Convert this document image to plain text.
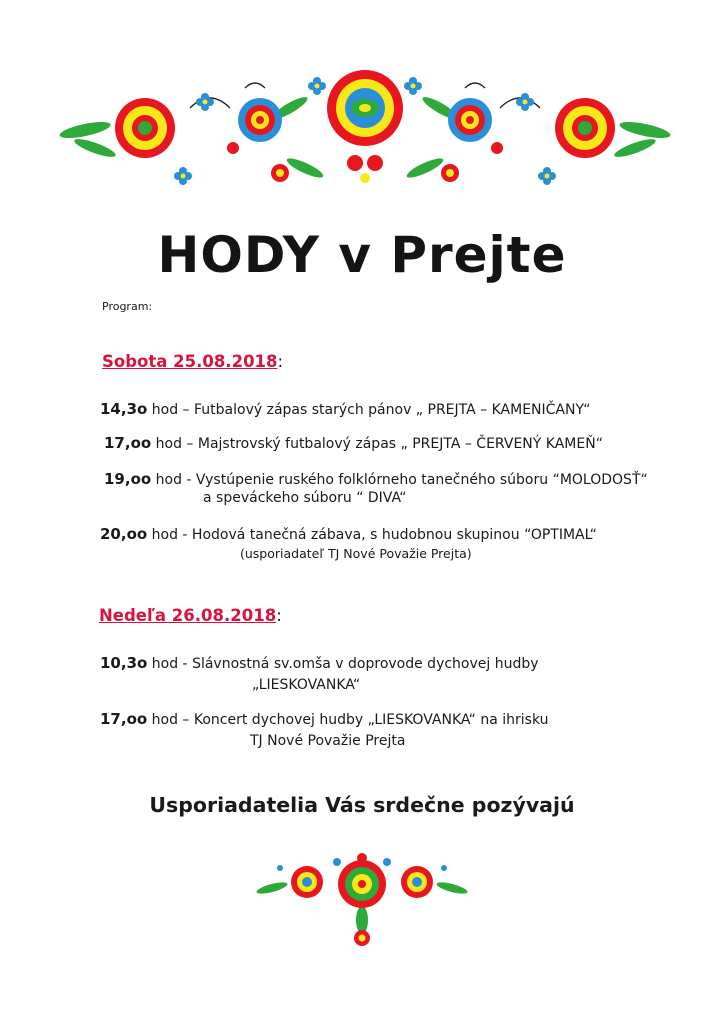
HODY v Prejte
Program:
Sobota 25.08.2018:
14,3o hod – Futbalový zápas starých pánov „ PREJTA – KAMENIČANY“
17,oo hod – Majstrovský futbalový zápas „ PREJTA – ČERVENÝ KAMEŇ“
19,oo hod - Vystúpenie ruského folklórneho tanečného súboru “MOLODOSŤ“
a speváckeho súboru “ DIVA“
20,oo hod - Hodová tanečná zábava, s hudobnou skupinou “OPTIMAL“
(usporiadateľ TJ Nové Považie Prejta)
Nedeľa 26.08.2018:
10,3o hod - Slávnostná sv.omša v doprovode dychovej hudby
„LIESKOVANKA“
17,oo hod – Koncert dychovej hudby „LIESKOVANKA“ na ihrisku
TJ Nové Považie Prejta
Usporiadatelia Vás srdečne pozývajú
